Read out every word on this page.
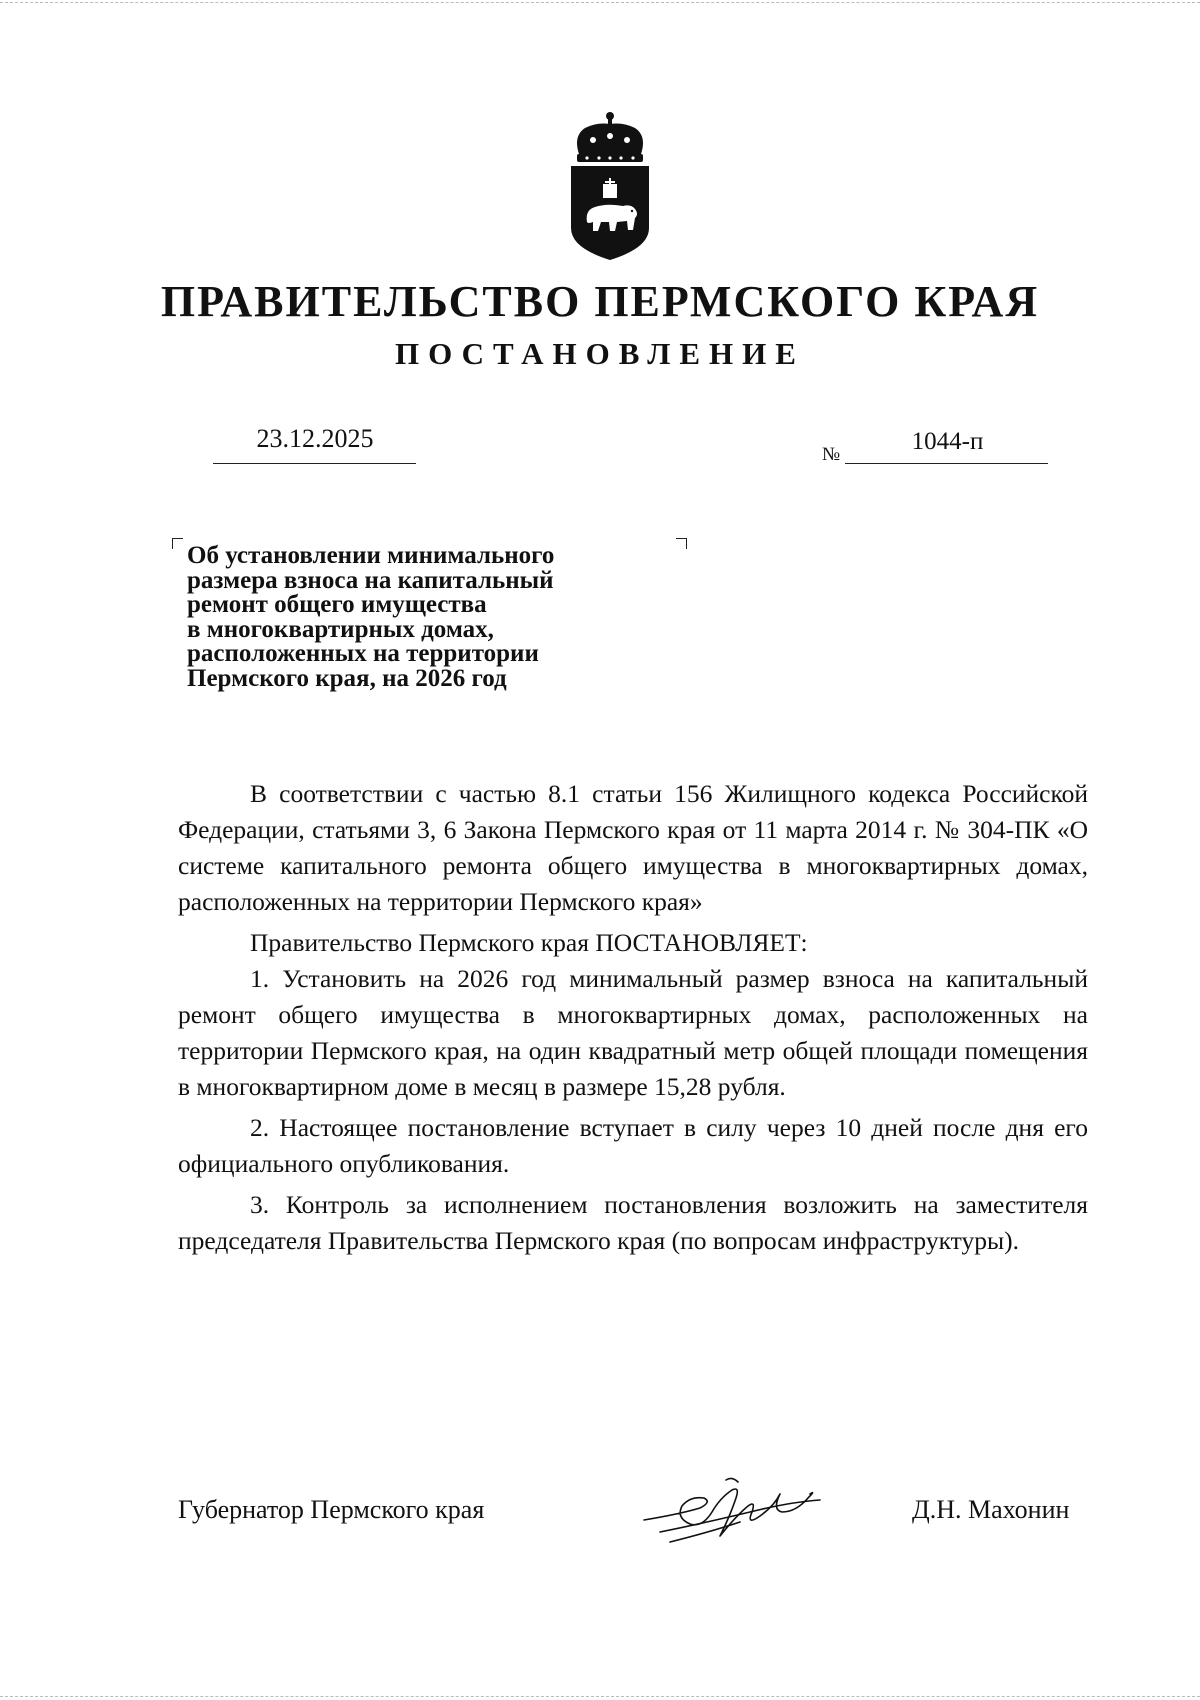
ПРАВИТЕЛЬСТВО ПЕРМСКОГО КРАЯ
ПОСТАНОВЛЕНИЕ
23.12.2025
№	1044-п
Об установлении минимального
размера взноса на капитальный
ремонт общего имущества
в многоквартирных домах,
расположенных на территории
Пермского края, на 2026 год

В соответствии с частью 8.1 статьи 156 Жилищного кодекса Российской Федерации, статьями 3, 6 Закона Пермского края от 11 марта 2014 г. № 304-ПК «О системе капитального ремонта общего имущества в многоквартирных домах, расположенных на территории Пермского края»

Правительство Пермского края ПОСТАНОВЛЯЕТ:

1. Установить на 2026 год минимальный размер взноса на капитальный ремонт общего имущества в многоквартирных домах, расположенных на территории Пермского края, на один квадратный метр общей площади помещения в многоквартирном доме в месяц в размере 15,28 рубля.

2. Настоящее постановление вступает в силу через 10 дней после дня его официального опубликования.

3. Контроль за исполнением постановления возложить на заместителя председателя Правительства Пермского края (по вопросам инфраструктуры).

Губернатор Пермского края	Д.Н. Махонин
